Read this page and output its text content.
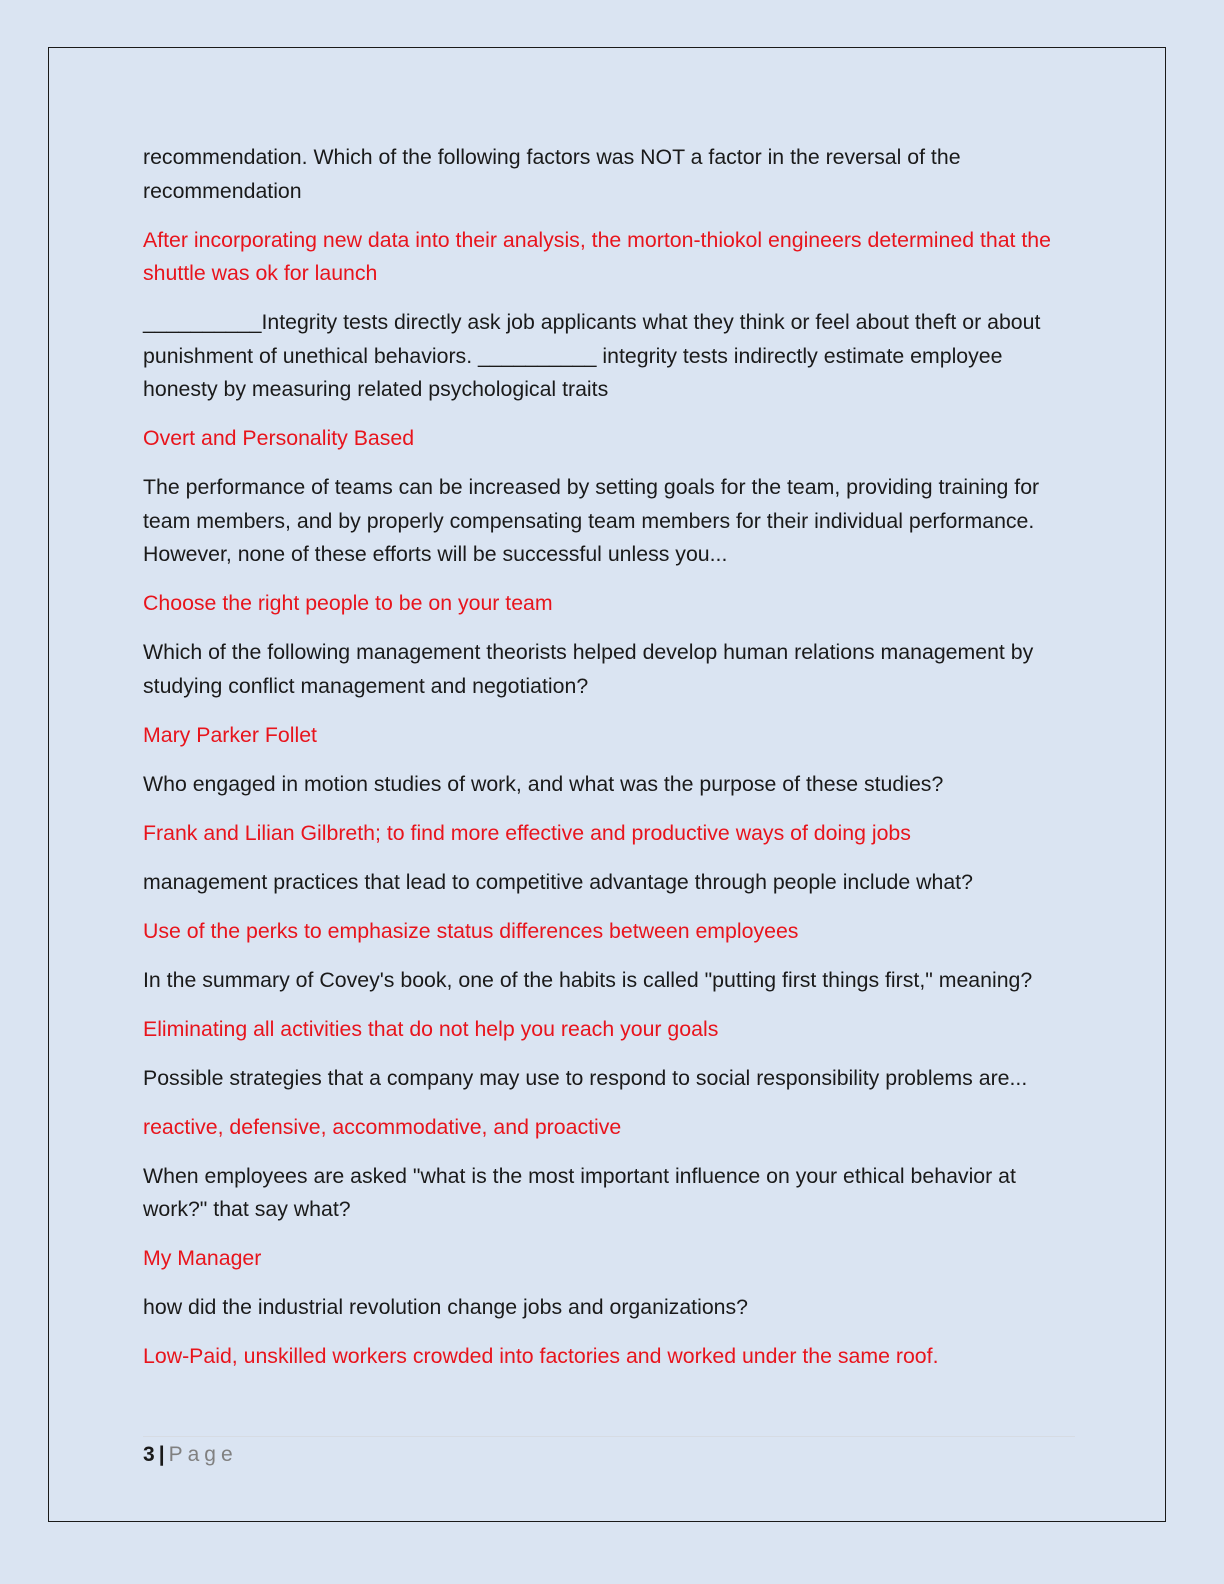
recommendation. Which of the following factors was NOT a factor in the reversal of the recommendation

After incorporating new data into their analysis, the morton-thiokol engineers determined that the shuttle was ok for launch

__________Integrity tests directly ask job applicants what they think or feel about theft or about punishment of unethical behaviors. __________ integrity tests indirectly estimate employee honesty by measuring related psychological traits

Overt and Personality Based

The performance of teams can be increased by setting goals for the team, providing training for team members, and by properly compensating team members for their individual performance. However, none of these efforts will be successful unless you...

Choose the right people to be on your team

Which of the following management theorists helped develop human relations management by studying conflict management and negotiation?

Mary Parker Follet

Who engaged in motion studies of work, and what was the purpose of these studies?

Frank and Lilian Gilbreth; to find more effective and productive ways of doing jobs

management practices that lead to competitive advantage through people include what?

Use of the perks to emphasize status differences between employees

In the summary of Covey's book, one of the habits is called "putting first things first," meaning?

Eliminating all activities that do not help you reach your goals

Possible strategies that a company may use to respond to social responsibility problems are...

reactive, defensive, accommodative, and proactive

When employees are asked "what is the most important influence on your ethical behavior at work?" that say what?

My Manager

how did the industrial revolution change jobs and organizations?

Low-Paid, unskilled workers crowded into factories and worked under the same roof.

3 | Page
